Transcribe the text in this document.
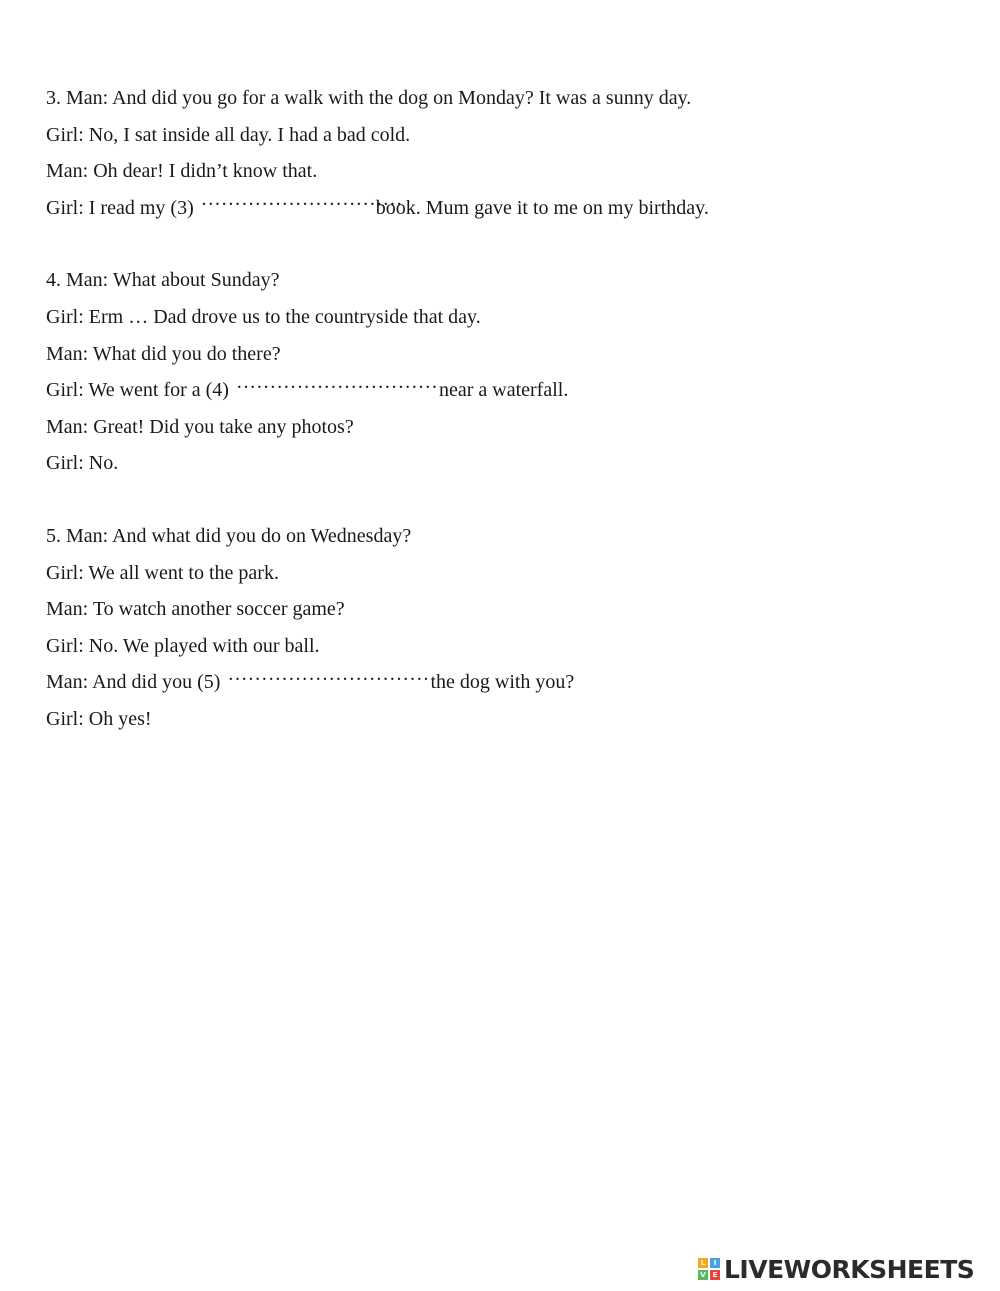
3. Man: And did you go for a walk with the dog on Monday? It was a sunny day.
Girl: No, I sat inside all day. I had a bad cold.
Man: Oh dear! I didn’t know that.
Girl: I read my (3) …………………………	book. Mum gave it to me on my birthday.
4. Man: What about Sunday?
Girl: Erm … Dad drove us to the countryside that day.
Man: What did you do there?
Girl: We went for a (4) …………………………	near a waterfall.
Man: Great! Did you take any photos?
Girl: No.
5. Man: And what did you do on Wednesday?
Girl: We all went to the park.
Man: To watch another soccer game?
Girl: No. We played with our ball.
Man: And did you (5) …………………………	the dog with you?
Girl: Oh yes!
L	I
V E LIVEWORKSHEETS
